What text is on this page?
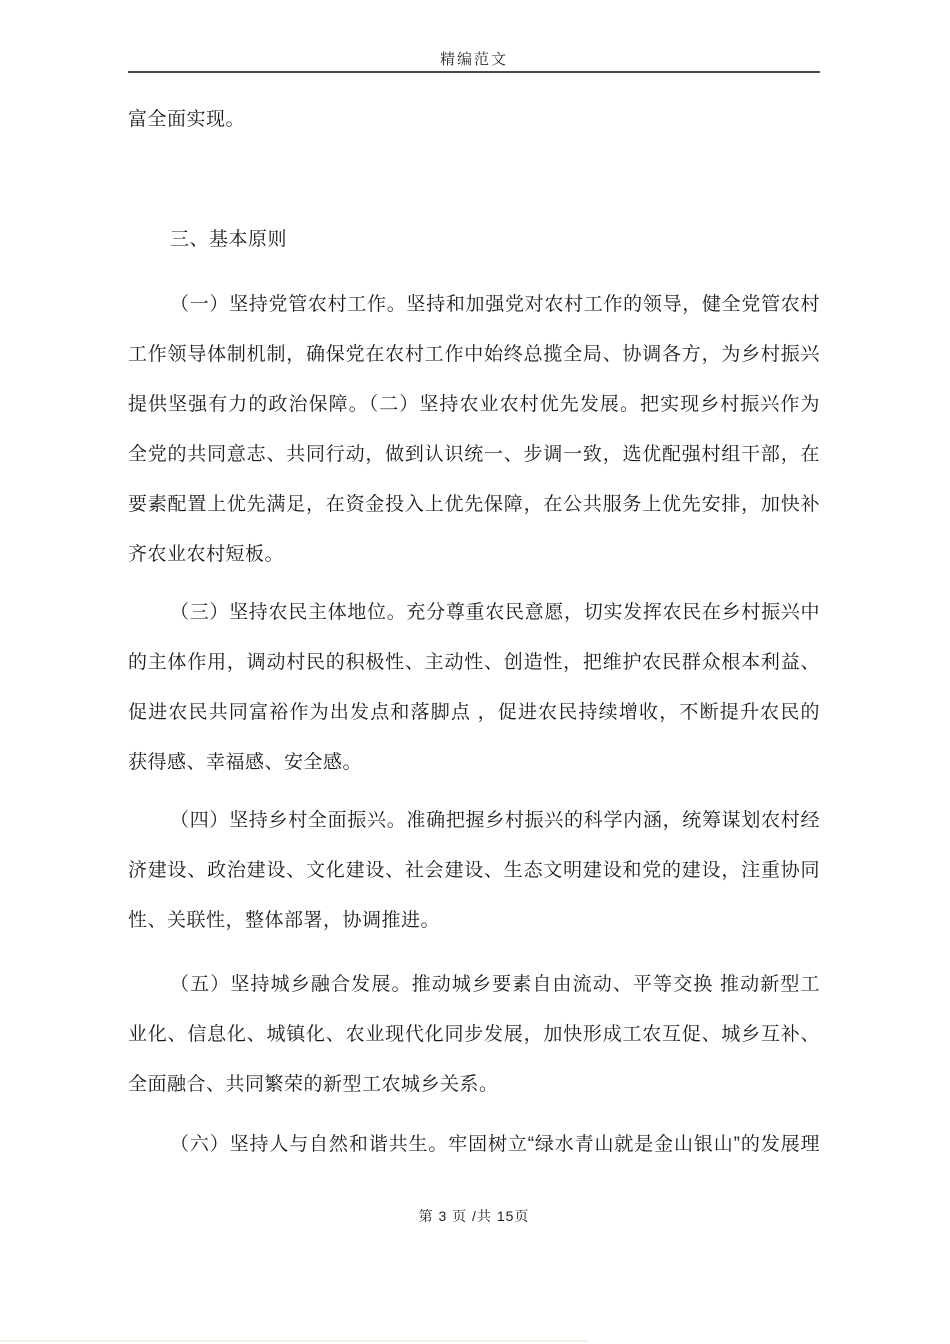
精编范文
富全面实现。
三、基本原则
（一）坚持党管农村工作。坚持和加强党对农村工作的领导，健全党管农村
工作领导体制机制，确保党在农村工作中始终总揽全局、协调各方，为乡村振兴
提供坚强有力的政治保障。（二）坚持农业农村优先发展。把实现乡村振兴作为
全党的共同意志、共同行动，做到认识统一、步调一致，选优配强村组干部，在
要素配置上优先满足，在资金投入上优先保障，在公共服务上优先安排，加快补
齐农业农村短板。
（三）坚持农民主体地位。充分尊重农民意愿，切实发挥农民在乡村振兴中
的主体作用，调动村民的积极性、主动性、创造性，把维护农民群众根本利益、
促进农民共同富裕作为出发点和落脚点 ，促进农民持续增收，不断提升农民的
获得感、幸福感、安全感。
（四）坚持乡村全面振兴。准确把握乡村振兴的科学内涵，统筹谋划农村经
济建设、政治建设、文化建设、社会建设、生态文明建设和党的建设，注重协同
性、关联性，整体部署，协调推进。
（五）坚持城乡融合发展。推动城乡要素自由流动、平等交换 推动新型工
业化、信息化、城镇化、农业现代化同步发展，加快形成工农互促、城乡互补、
全面融合、共同繁荣的新型工农城乡关系。
（六）坚持人与自然和谐共生。牢固树立“绿水青山就是金山银山”的发展理
第 3 页 /共 15页
